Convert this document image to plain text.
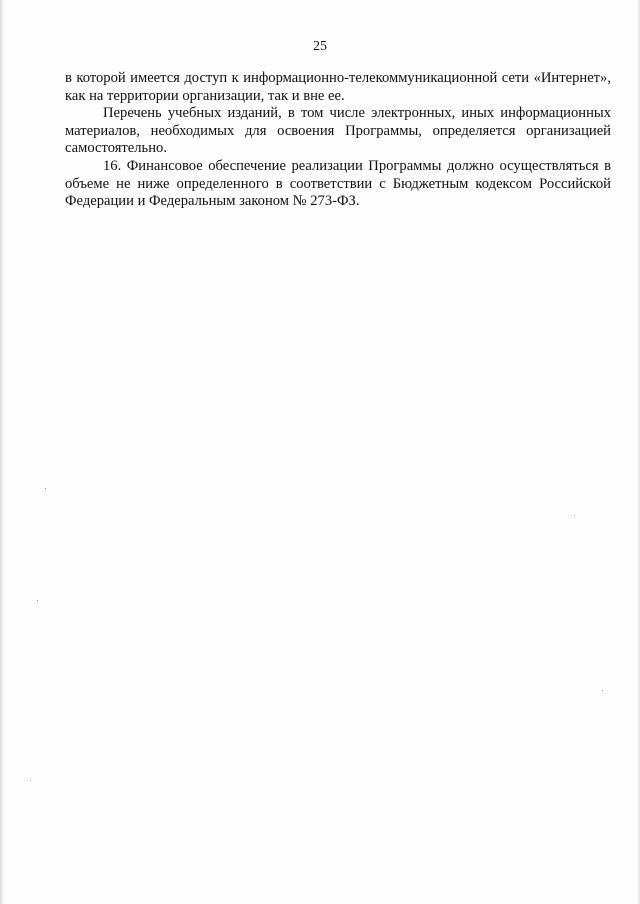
25

в которой имеется доступ к информационно-телекоммуникационной сети «Интернет», как на территории организации, так и вне ее.

Перечень учебных изданий, в том числе электронных, иных информационных материалов, необходимых для освоения Программы, определяется организацией самостоятельно.

16. Финансовое обеспечение реализации Программы должно осуществляться в объеме не ниже определенного в соответствии с Бюджетным кодексом Российской Федерации и Федеральным законом № 273-ФЗ.
